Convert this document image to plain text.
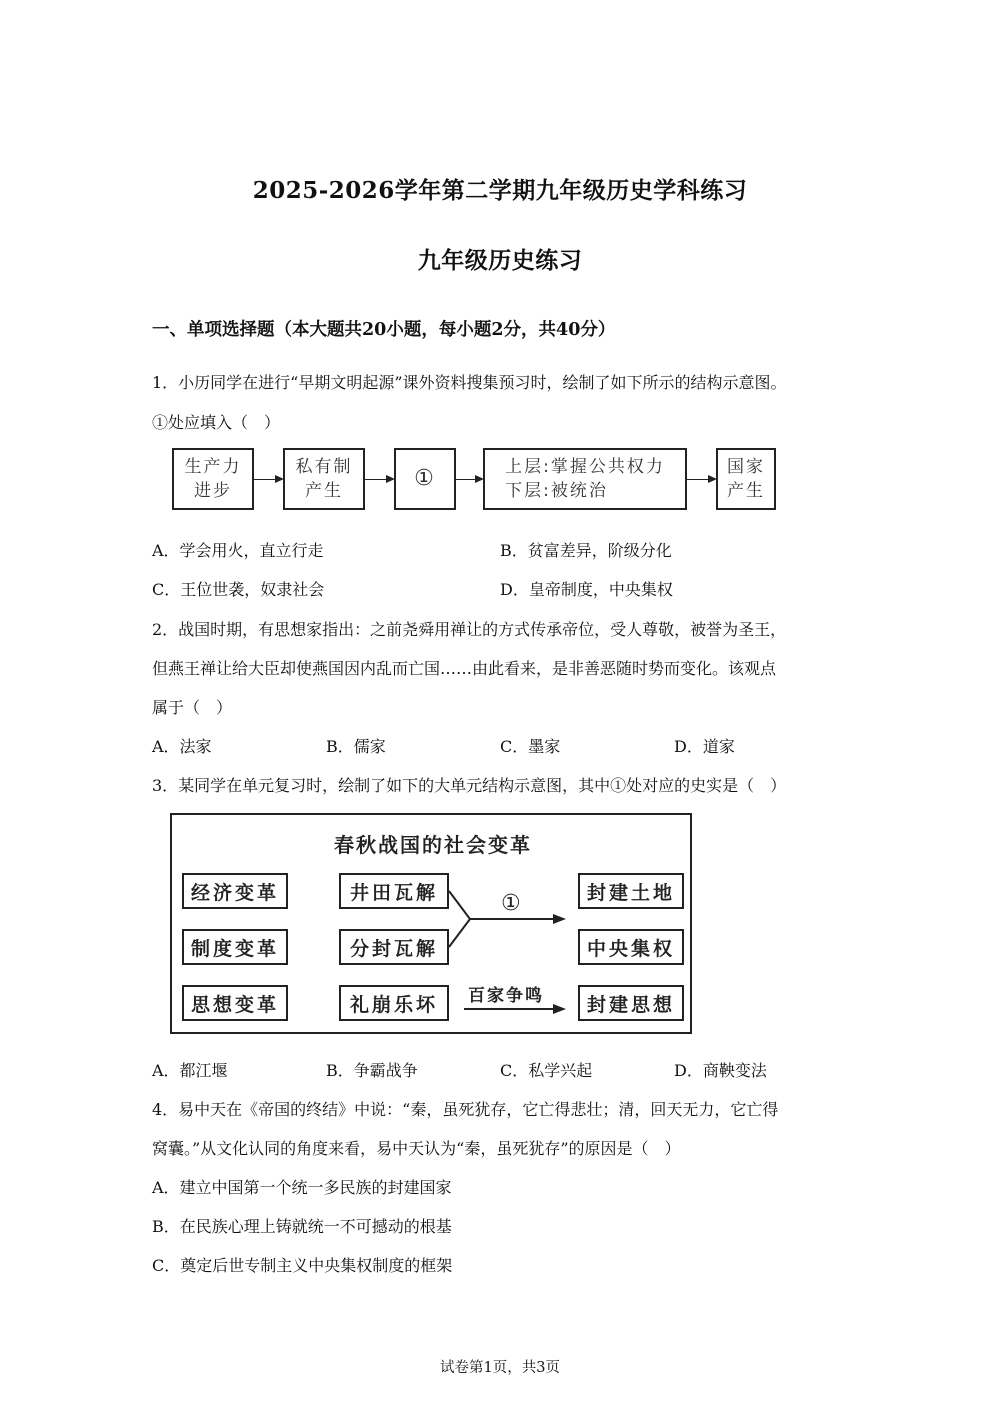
2025-2026学年第二学期九年级历史学科练习
九年级历史练习
一、单项选择题（本大题共20小题，每小题2分，共40分）
1．小历同学在进行“早期文明起源”课外资料搜集预习时，绘制了如下所示的结构示意图。
①处应填入（　）
生产力
进步
私有制
产生	①	上层:掌握公共权力
下层:被统治
国家
产生
A．学会用火，直立行走	B．贫富差异，阶级分化
C．王位世袭，奴隶社会	D．皇帝制度，中央集权
2．战国时期，有思想家指出：之前尧舜用禅让的方式传承帝位，受人尊敬，被誉为圣王，
但燕王禅让给大臣却使燕国因内乱而亡国……由此看来，是非善恶随时势而变化。该观点
属于（　）
A．法家	B．儒家	C．墨家	D．道家
3．某同学在单元复习时，绘制了如下的大单元结构示意图，其中①处对应的史实是（　）
春秋战国的社会变革
经济变革
制度变革
思想变革
井田瓦解
分封瓦解
礼崩乐坏
封建土地
中央集权
封建思想
①
百家争鸣
A．都江堰	B．争霸战争	C．私学兴起	D．商鞅变法
4．易中天在《帝国的终结》中说：“秦，虽死犹存，它亡得悲壮；清，回天无力，它亡得
窝囊。”从文化认同的角度来看，易中天认为“秦，虽死犹存”的原因是（　）
A．建立中国第一个统一多民族的封建国家
B．在民族心理上铸就统一不可撼动的根基
C．奠定后世专制主义中央集权制度的框架
试卷第1页，共3页
